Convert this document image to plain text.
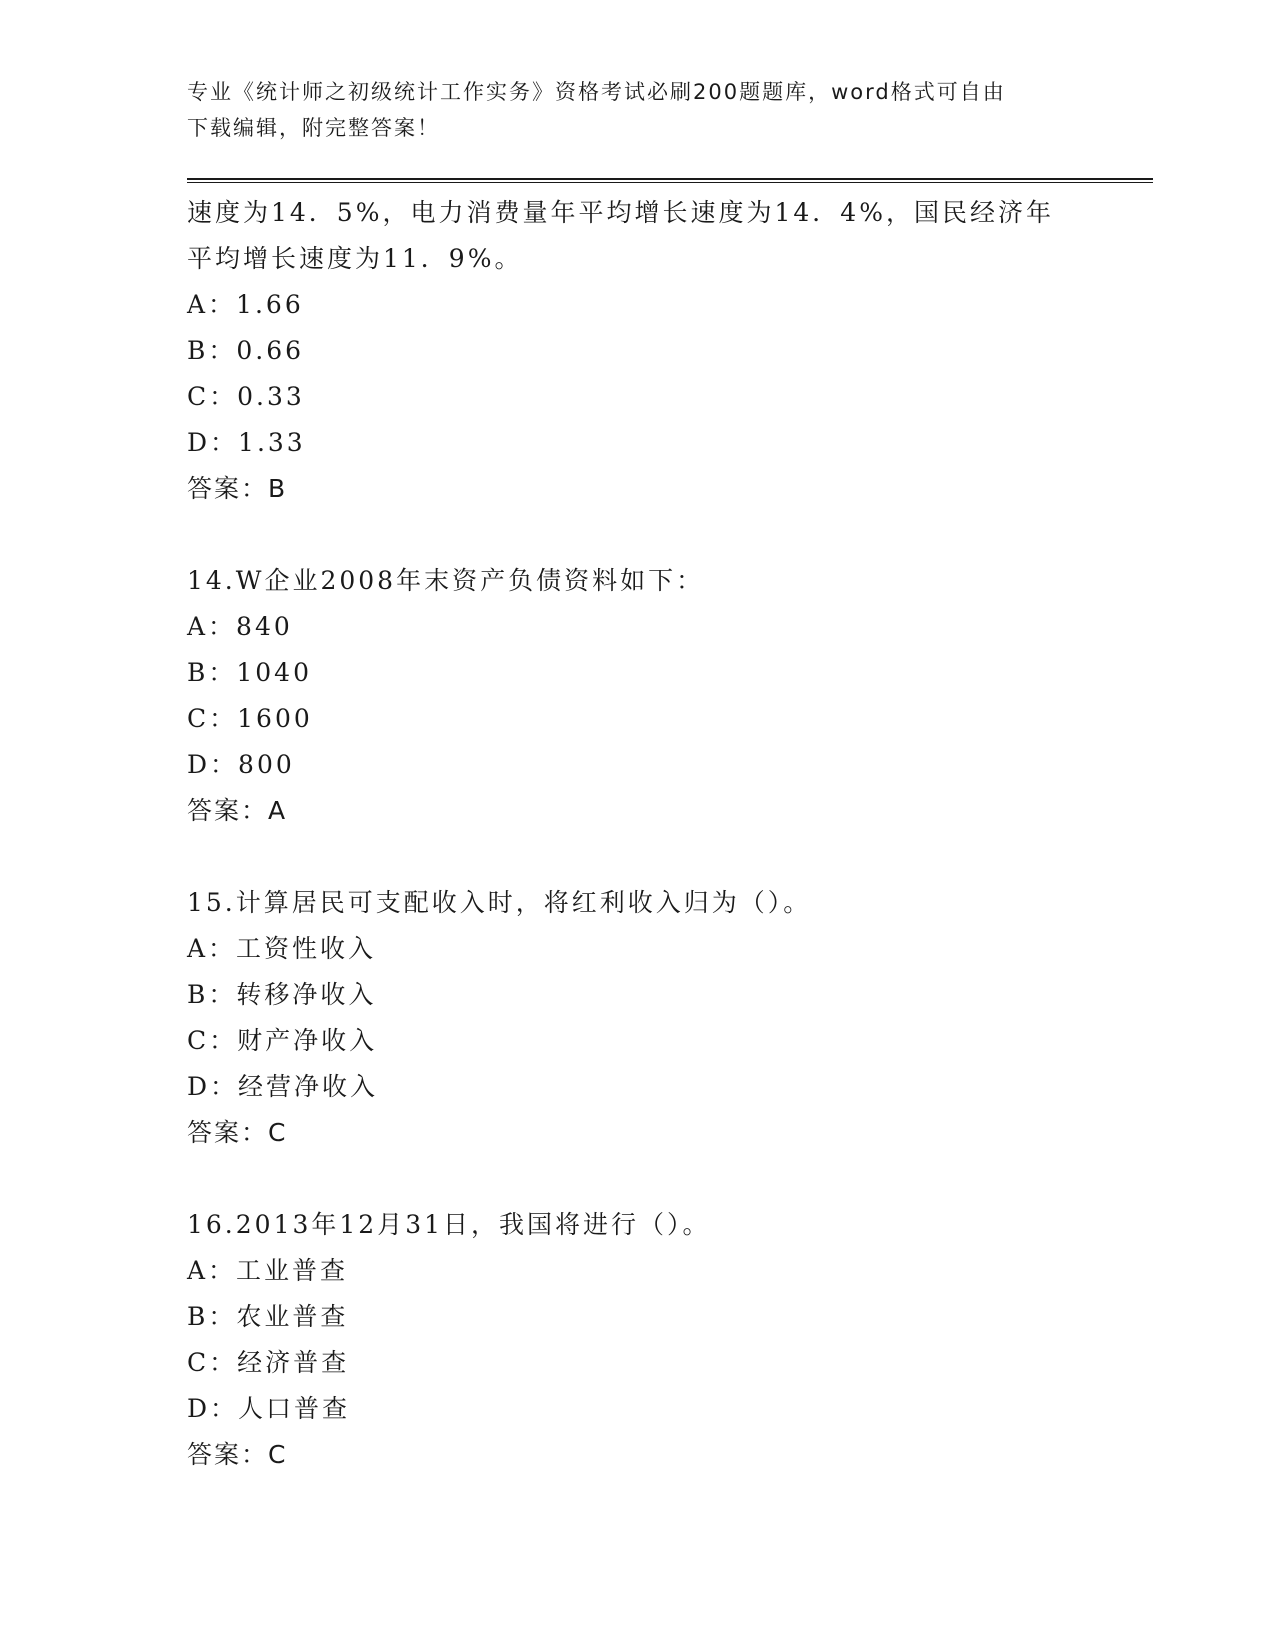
专业《统计师之初级统计工作实务》资格考试必刷200题题库，word格式可自由
下载编辑，附完整答案！
速度为14．5%，电力消费量年平均增长速度为14．4%，国民经济年
平均增长速度为11．9%。
A：1.66
B：0.66
C：0.33
D：1.33
答案：B
14.W企业2008年末资产负债资料如下：
A：840
B：1040
C：1600
D：800
答案：A
15.计算居民可支配收入时，将红利收入归为（）。
A：工资性收入
B：转移净收入
C：财产净收入
D：经营净收入
答案：C
16.2013年12月31日，我国将进行（）。
A：工业普查
B：农业普查
C：经济普查
D：人口普查
答案：C
